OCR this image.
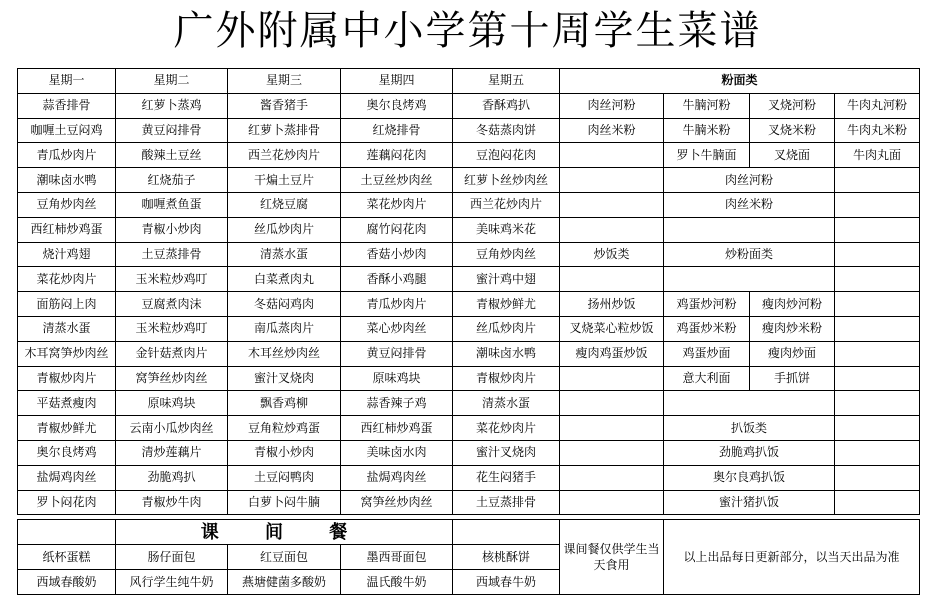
广外附属中小学第十周学生菜谱
星期一	星期二	星期三	星期四	星期五	粉面类			
蒜香排骨	红萝卜蒸鸡	酱香猪手	奥尔良烤鸡	香酥鸡扒	肉丝河粉	牛腩河粉	叉烧河粉	牛肉丸河粉
咖喱土豆闷鸡	黄豆闷排骨	红萝卜蒸排骨	红烧排骨	冬菇蒸肉饼	肉丝米粉	牛腩米粉	叉烧米粉	牛肉丸米粉
青瓜炒肉片	酸辣土豆丝	西兰花炒肉片	莲藕闷花肉	豆泡闷花肉		罗卜牛腩面	叉烧面	牛肉丸面
潮味卤水鸭	红烧茄子	干煸土豆片	土豆丝炒肉丝	红萝卜丝炒肉丝		肉丝河粉		
豆角炒肉丝	咖喱煮鱼蛋	红烧豆腐	菜花炒肉片	西兰花炒肉片		肉丝米粉		
西红柿炒鸡蛋	青椒小炒肉	丝瓜炒肉片	腐竹闷花肉	美味鸡米花				
烧汁鸡翅	土豆蒸排骨	清蒸水蛋	香菇小炒肉	豆角炒肉丝	炒饭类	炒粉面类		
菜花炒肉片	玉米粒炒鸡叮	白菜煮肉丸	香酥小鸡腿	蜜汁鸡中翅				
面筋闷上肉	豆腐煮肉沫	冬菇闷鸡肉	青瓜炒肉片	青椒炒鲜尤	扬州炒饭	鸡蛋炒河粉	瘦肉炒河粉	
清蒸水蛋	玉米粒炒鸡叮	南瓜蒸肉片	菜心炒肉丝	丝瓜炒肉片	叉烧菜心粒炒饭	鸡蛋炒米粉	瘦肉炒米粉	
木耳窝笋炒肉丝	金针菇煮肉片	木耳丝炒肉丝	黄豆闷排骨	潮味卤水鸭	瘦肉鸡蛋炒饭	鸡蛋炒面	瘦肉炒面	
青椒炒肉片	窝笋丝炒肉丝	蜜汁叉烧肉	原味鸡块	青椒炒肉片		意大利面	手抓饼	
平菇煮瘦肉	原味鸡块	飘香鸡柳	蒜香辣子鸡	清蒸水蛋				
青椒炒鲜尤	云南小瓜炒肉丝	豆角粒炒鸡蛋	西红柿炒鸡蛋	菜花炒肉片		扒饭类		
奥尔良烤鸡	清炒莲藕片	青椒小炒肉	美味卤水肉	蜜汁叉烧肉		劲脆鸡扒饭		
盐焗鸡肉丝	劲脆鸡扒	土豆闷鸭肉	盐焗鸡肉丝	花生闷猪手		奥尔良鸡扒饭		
罗卜闷花肉	青椒炒牛肉	白萝卜闷牛腩	窝笋丝炒肉丝	土豆蒸排骨		蜜汁猪扒饭		
	课 间 餐				课间餐仅供学生当天食用	以上出品每日更新部分，以当天出品为准
纸杯蛋糕	肠仔面包	红豆面包	墨西哥面包	核桃酥饼		
西域春酸奶	风行学生纯牛奶	燕塘健菌多酸奶	温氏酸牛奶	西域春牛奶		
